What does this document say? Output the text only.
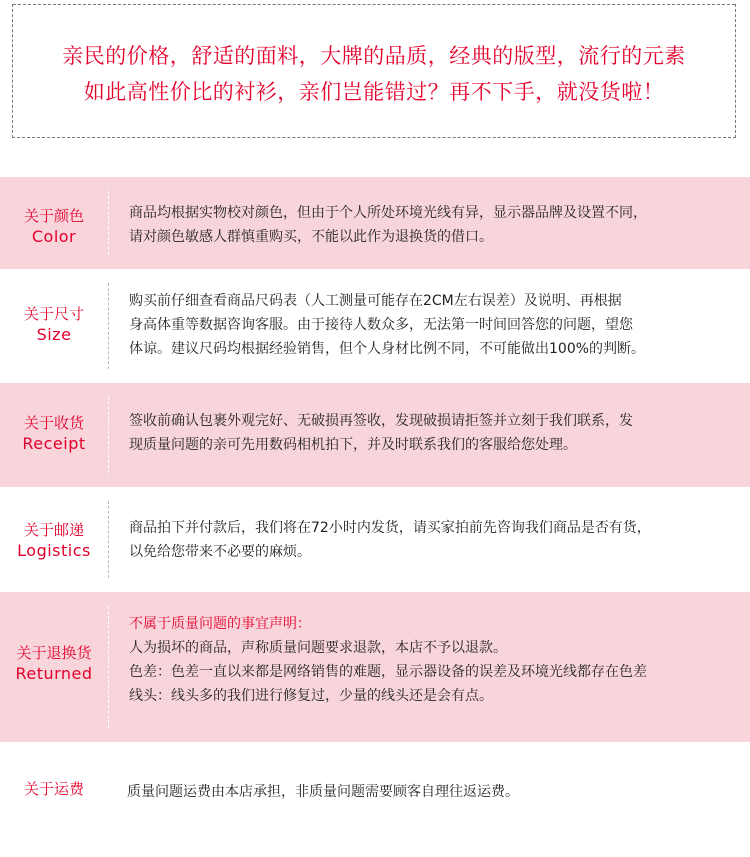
亲民的价格，舒适的面料，大牌的品质，经典的版型，流行的元素

如此高性价比的衬衫，亲们岂能错过？再不下手，就没货啦！

关于颜色
Color
商品均根据实物校对颜色，但由于个人所处环境光线有异，显示器品牌及设置不同，
请对颜色敏感人群慎重购买，不能以此作为退换货的借口。
关于尺寸
Size
购买前仔细查看商品尺码表（人工测量可能存在2CM左右误差）及说明、再根据
身高体重等数据咨询客服。由于接待人数众多，无法第一时间回答您的问题，望您
体谅。建议尺码均根据经验销售，但个人身材比例不同，不可能做出100%的判断。
关于收货
Receipt
签收前确认包裹外观完好、无破损再签收，发现破损请拒签并立刻于我们联系，发
现质量问题的亲可先用数码相机拍下，并及时联系我们的客服给您处理。
关于邮递
Logistics
商品拍下并付款后，我们将在72小时内发货，请买家拍前先咨询我们商品是否有货，
以免给您带来不必要的麻烦。
关于退换货
Returned
不属于质量问题的事宜声明：
人为损坏的商品，声称质量问题要求退款，本店不予以退款。
色差：色差一直以来都是网络销售的难题，显示器设备的误差及环境光线都存在色差
线头：线头多的我们进行修复过，少量的线头还是会有点。
关于运费	质量问题运费由本店承担，非质量问题需要顾客自理往返运费。
